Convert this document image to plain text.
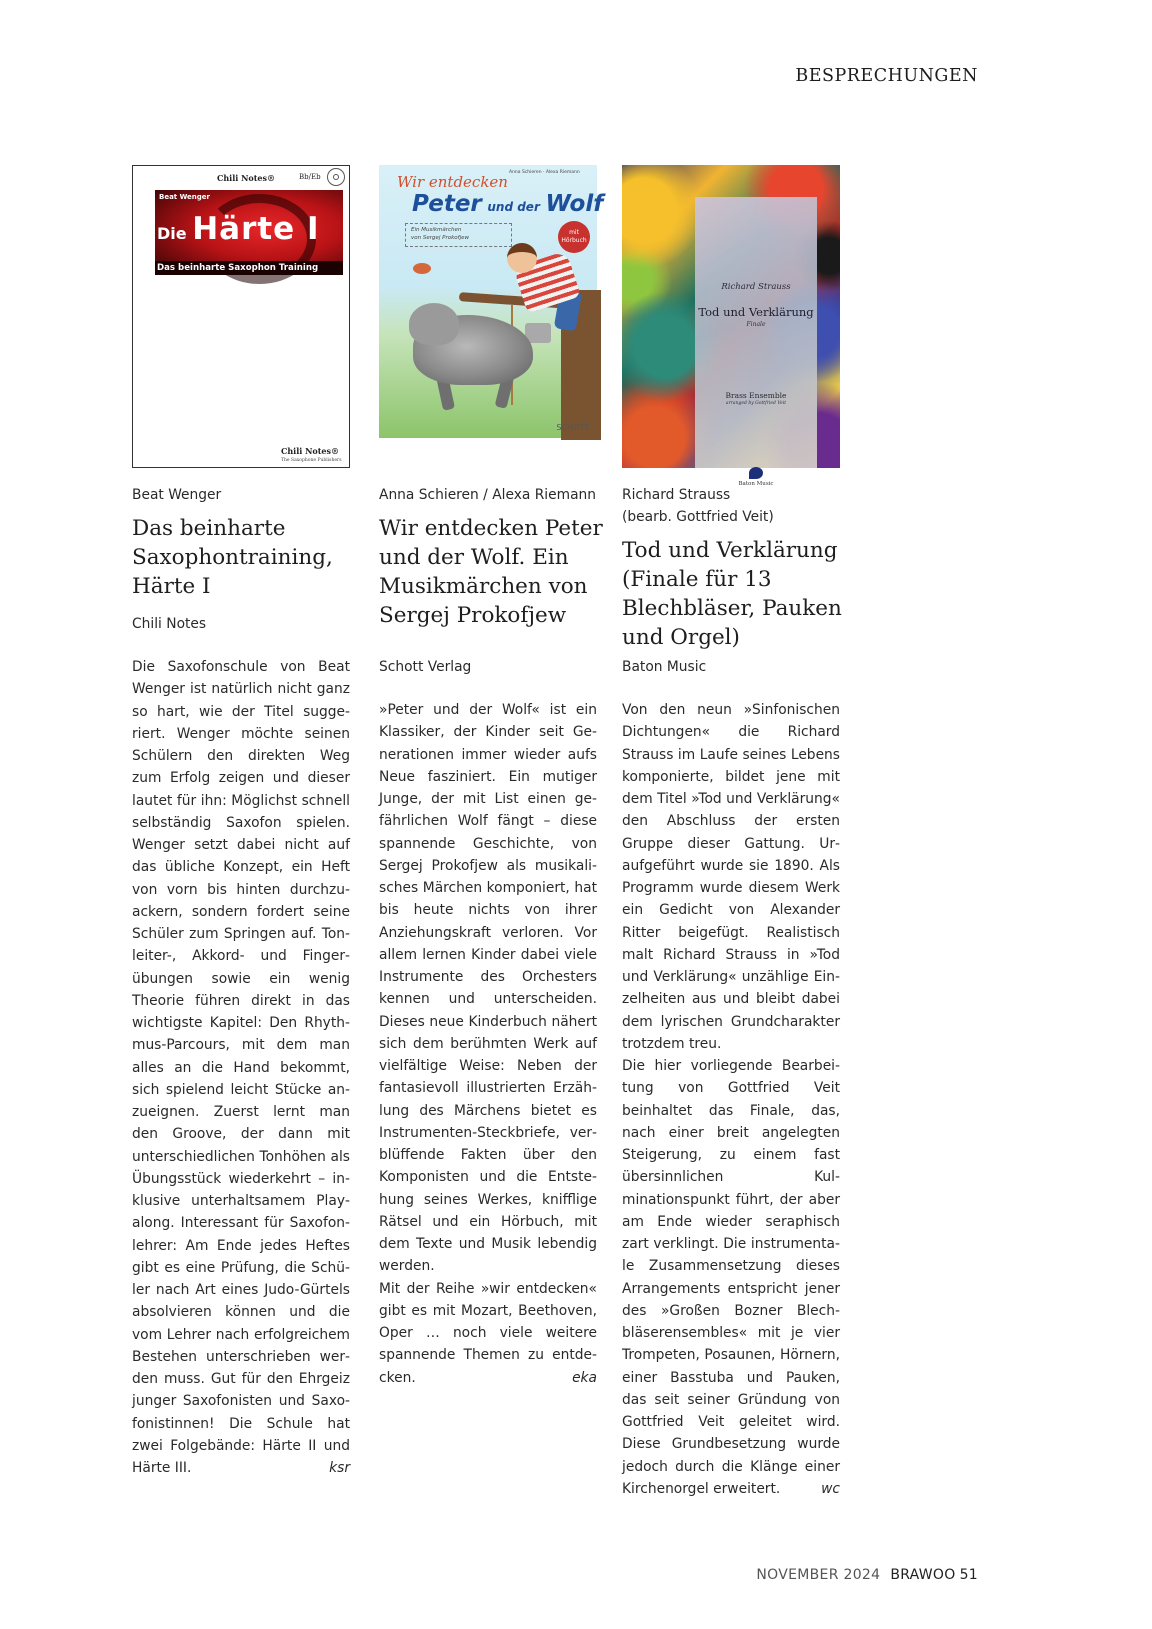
BESPRECHUNGEN
Chili Notes®	Bb/Eb
Beat Wenger
Die Härte I
Das beinharte Saxophon Training
Chili Notes®
The Saxophone Publishers
Beat Wenger
Das beinharte Saxophontraining, Härte I
Chili Notes

Die Saxofonschule von Beat Wenger ist natürlich nicht ganz so hart, wie der Titel suggeriert. Wenger möchte seinen Schülern den direkten Weg zum Erfolg zeigen und dieser lautet für ihn: Möglichst schnell selbständig Saxofon spielen. Wenger setzt dabei nicht auf das übliche Konzept, ein Heft von vorn bis hinten durchzuackern, sondern fordert seine Schüler zum Springen auf. Tonleiter-, Akkord- und Fingerübungen sowie ein wenig Theorie führen direkt in das wichtigste Kapitel: Den Rhythmus-Parcours, mit dem man alles an die Hand bekommt, sich spielend leicht Stücke anzueignen. Zuerst lernt man den Groove, der dann mit unterschiedlichen Tonhöhen als Übungsstück wiederkehrt – inklusive unterhaltsamem Playalong. Interessant für Saxofonlehrer: Am Ende jedes Heftes gibt es eine Prüfung, die Schüler nach Art eines Judo-Gürtels absolvieren können und die vom Lehrer nach erfolgreichem Bestehen unterschrieben werden muss. Gut für den Ehrgeiz junger Saxofonisten und Saxofonistinnen! Die Schule hat zwei Folgebände: Härte II und Härte III.	ksr
Wir entdecken
Anna Schieren · Alexa Riemann
Peter und der Wolf
Ein Musikmärchen
von Sergej Prokofjew
mit Hörbuch
SCHOTT
Anna Schieren / Alexa Riemann
Wir entdecken Peter und der Wolf. Ein Musikmärchen von Sergej Prokofjew
Schott Verlag

»Peter und der Wolf« ist ein Klassiker, der Kinder seit Generationen immer wieder aufs Neue fasziniert. Ein mutiger Junge, der mit List einen gefährlichen Wolf fängt – diese spannende Geschichte, von Sergej Prokofjew als musikalisches Märchen komponiert, hat bis heute nichts von ihrer Anziehungskraft verloren. Vor allem lernen Kinder dabei viele Instrumente des Orchesters kennen und unterscheiden. Dieses neue Kinderbuch nähert sich dem berühmten Werk auf vielfältige Weise: Neben der fantasievoll illustrierten Erzählung des Märchens bietet es Instrumenten-Steckbriefe, verblüffende Fakten über den Komponisten und die Entstehung seines Werkes, knifflige Rätsel und ein Hörbuch, mit dem Texte und Musik lebendig werden.

Mit der Reihe »wir entdecken« gibt es mit Mozart, Beethoven, Oper … noch viele weitere spannende Themen zu entdecken.	eka
Richard Strauss
Tod und Verklärung
Finale
Brass Ensemble
arranged by Gottfried Veit
Baton Music
Richard Strauss
(bearb. Gottfried Veit)
Tod und Verklärung (Finale für 13 Blechbläser, Pauken und Orgel)
Baton Music

Von den neun »Sinfonischen Dichtungen« die Richard Strauss im Laufe seines Lebens komponierte, bildet jene mit dem Titel »Tod und Verklärung« den Abschluss der ersten Gruppe dieser Gattung. Uraufgeführt wurde sie 1890. Als Programm wurde diesem Werk ein Gedicht von Alexander Ritter beigefügt. Realistisch malt Richard Strauss in »Tod und Verklärung« unzählige Einzelheiten aus und bleibt dabei dem lyrischen Grundcharakter trotzdem treu.

Die hier vorliegende Bearbeitung von Gottfried Veit beinhaltet das Finale, das, nach einer breit angelegten Steigerung, zu einem fast übersinnlichen Kulminationspunkt führt, der aber am Ende wieder seraphisch zart verklingt. Die instrumentale Zusammensetzung dieses Arrangements entspricht jener des »Großen Bozner Blechbläserensembles« mit je vier Trompeten, Posaunen, Hörnern, einer Basstuba und Pauken, das seit seiner Gründung von Gottfried Veit geleitet wird. Diese Grundbesetzung wurde jedoch durch die Klänge einer Kirchenorgel erweitert.	wc
NOVEMBER 2024 BRAWOO 51
